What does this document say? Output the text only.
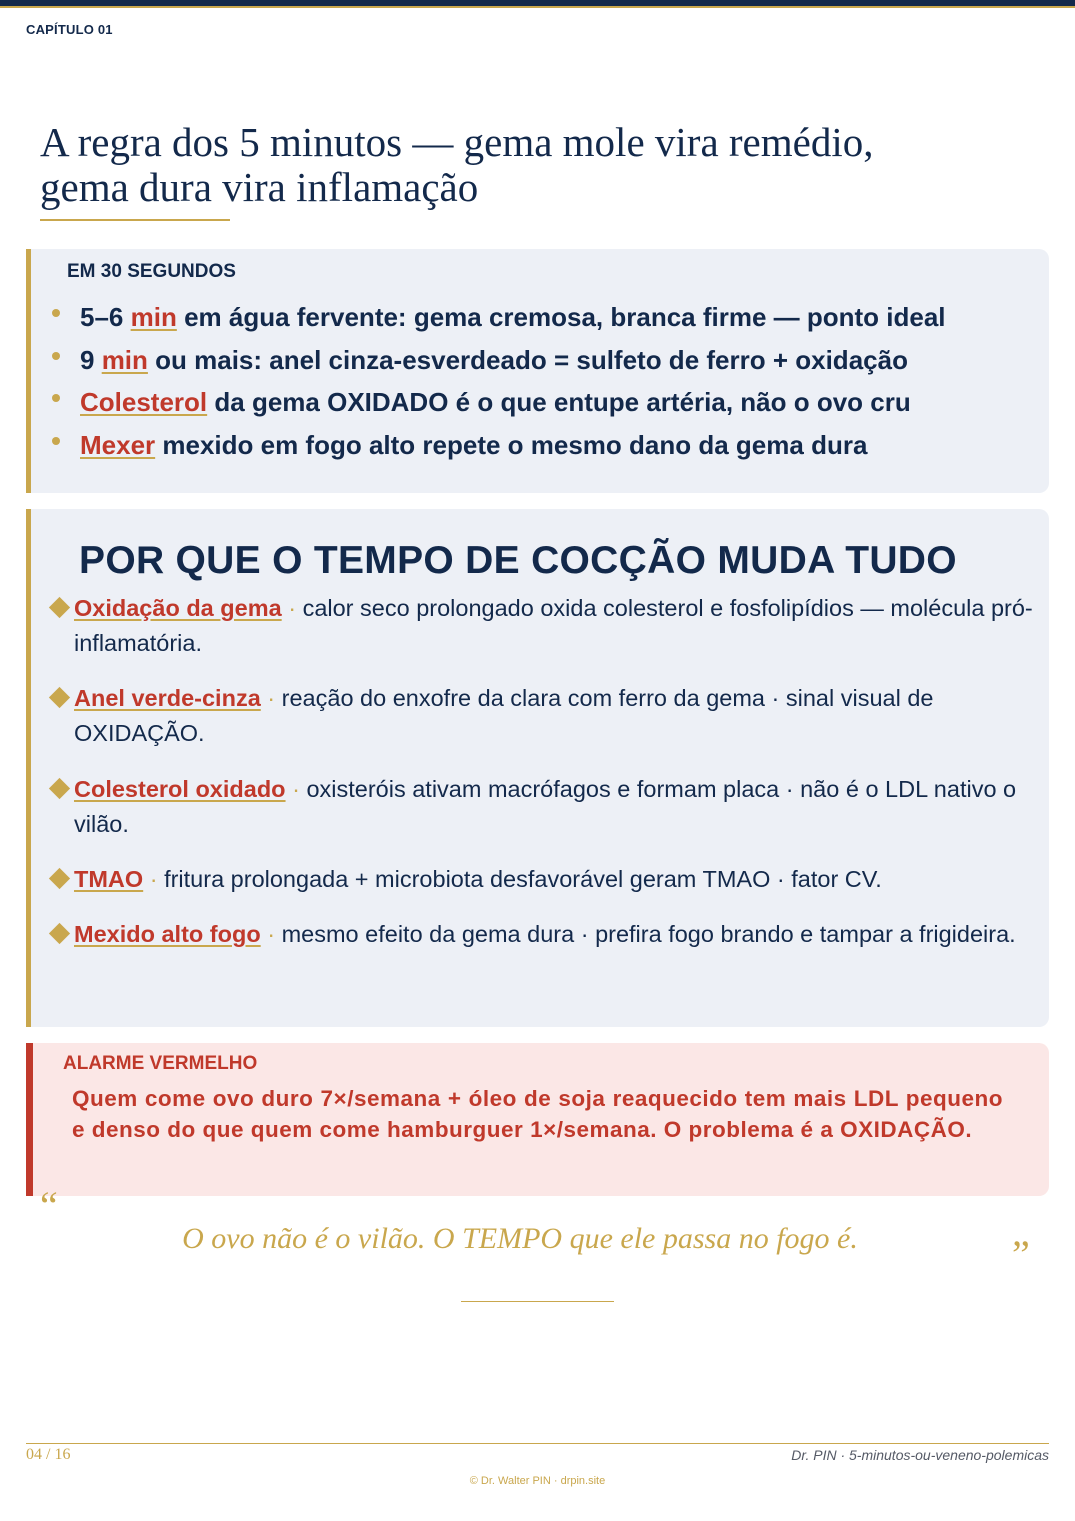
CAPÍTULO 01
A regra dos 5 minutos — gema mole vira remédio,
gema dura vira inflamação
EM 30 SEGUNDOS
5–6 min em água fervente: gema cremosa, branca firme — ponto ideal
9 min ou mais: anel cinza-esverdeado = sulfeto de ferro + oxidação
Colesterol da gema OXIDADO é o que entupe artéria, não o ovo cru
Mexer mexido em fogo alto repete o mesmo dano da gema dura
POR QUE O TEMPO DE COCÇÃO MUDA TUDO

Oxidação da gema · calor seco prolongado oxida colesterol e fosfolipídios — molécula pró-inflamatória.

Anel verde-cinza · reação do enxofre da clara com ferro da gema · sinal visual de OXIDAÇÃO.

Colesterol oxidado · oxisteróis ativam macrófagos e formam placa · não é o LDL nativo o vilão.

TMAO · fritura prolongada + microbiota desfavorável geram TMAO · fator CV.

Mexido alto fogo · mesmo efeito da gema dura · prefira fogo brando e tampar a frigideira.

ALARME VERMELHO

Quem come ovo duro 7×/semana + óleo de soja reaquecido tem mais LDL pequeno e denso do que quem come hamburguer 1×/semana. O problema é a OXIDAÇÃO.

“
O ovo não é o vilão. O TEMPO que ele passa no fogo é.	”
04 / 16	Dr. PIN · 5-minutos-ou-veneno-polemicas
© Dr. Walter PIN · drpin.site
